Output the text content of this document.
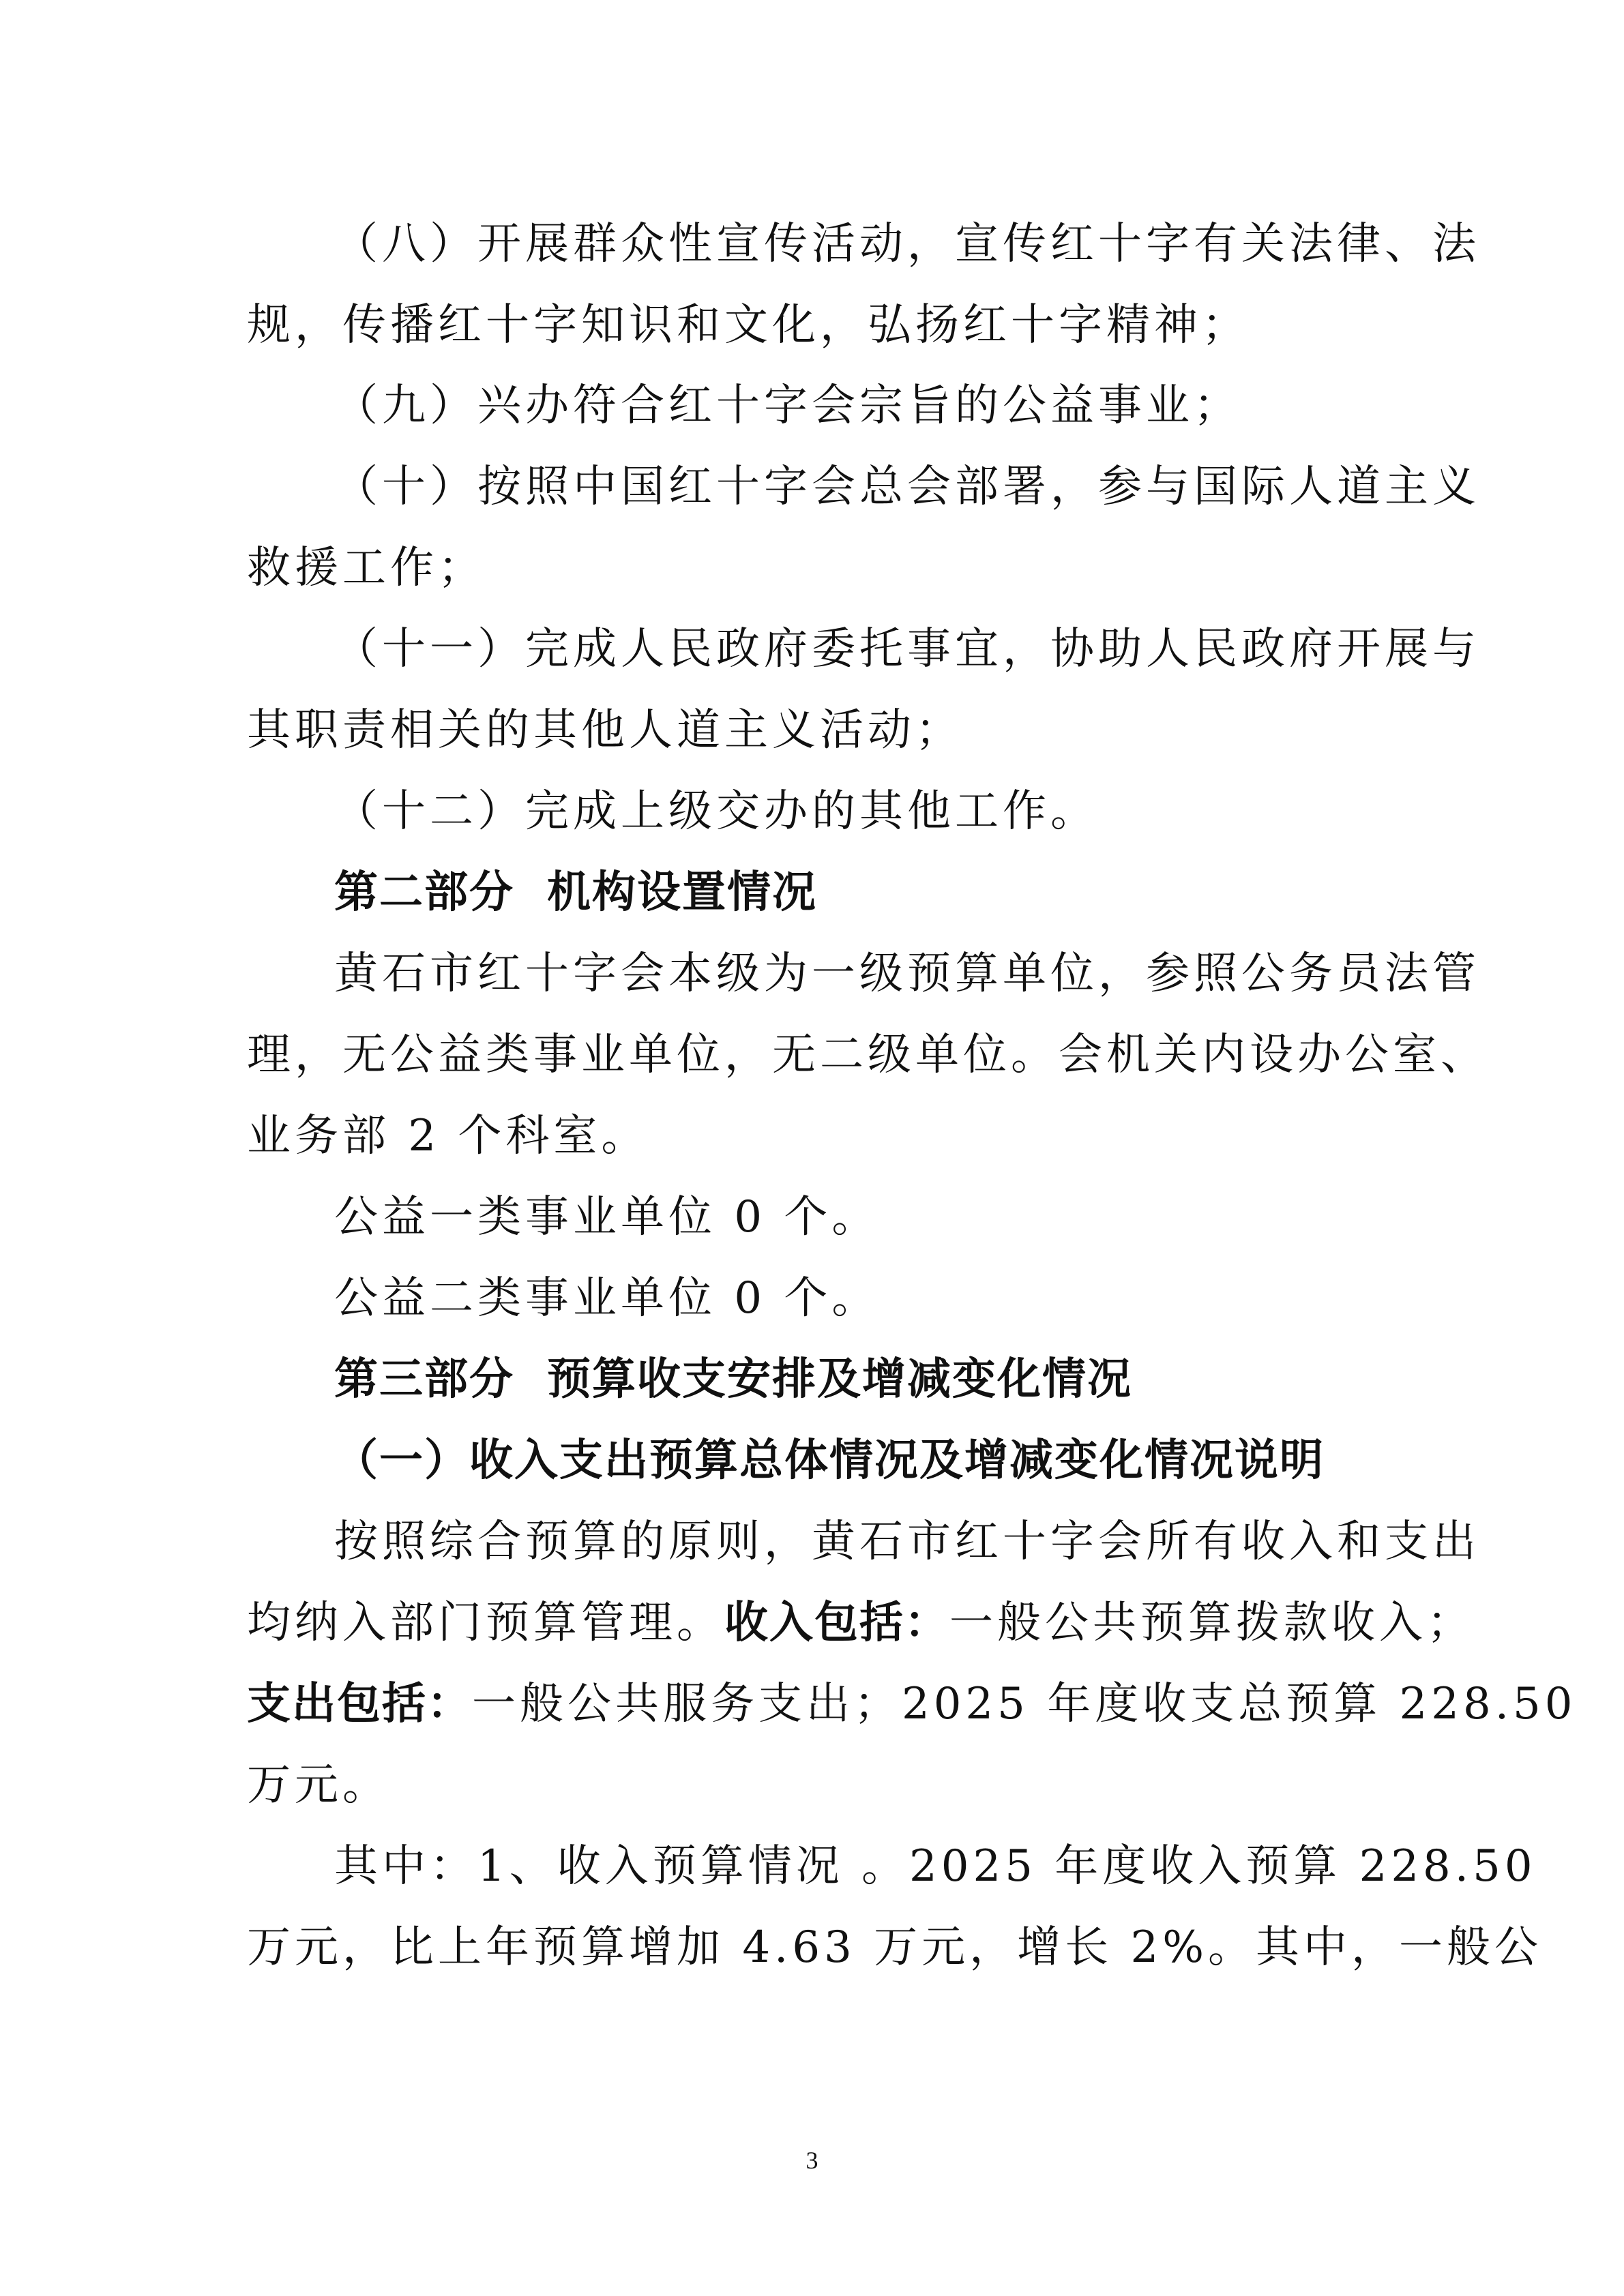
（八）开展群众性宣传活动，宣传红十字有关法律、法
规，传播红十字知识和文化，弘扬红十字精神；
（九）兴办符合红十字会宗旨的公益事业；
（十）按照中国红十字会总会部署，参与国际人道主义
救援工作；
（十一）完成人民政府委托事宜，协助人民政府开展与
其职责相关的其他人道主义活动；
（十二）完成上级交办的其他工作。
第二部分 机构设置情况
黄石市红十字会本级为一级预算单位，参照公务员法管
理，无公益类事业单位，无二级单位。会机关内设办公室、
业务部 2 个科室。
公益一类事业单位 0 个。
公益二类事业单位 0 个。
第三部分 预算收支安排及增减变化情况
（一）收入支出预算总体情况及增减变化情况说明
按照综合预算的原则，黄石市红十字会所有收入和支出
均纳入部门预算管理。收入包括：一般公共预算拨款收入；
支出包括：一般公共服务支出；2025 年度收支总预算 228.50
万元。
其中：1、收入预算情况 。2025 年度收入预算 228.50
万元，比上年预算增加 4.63 万元，增长 2%。其中，一般公
3
